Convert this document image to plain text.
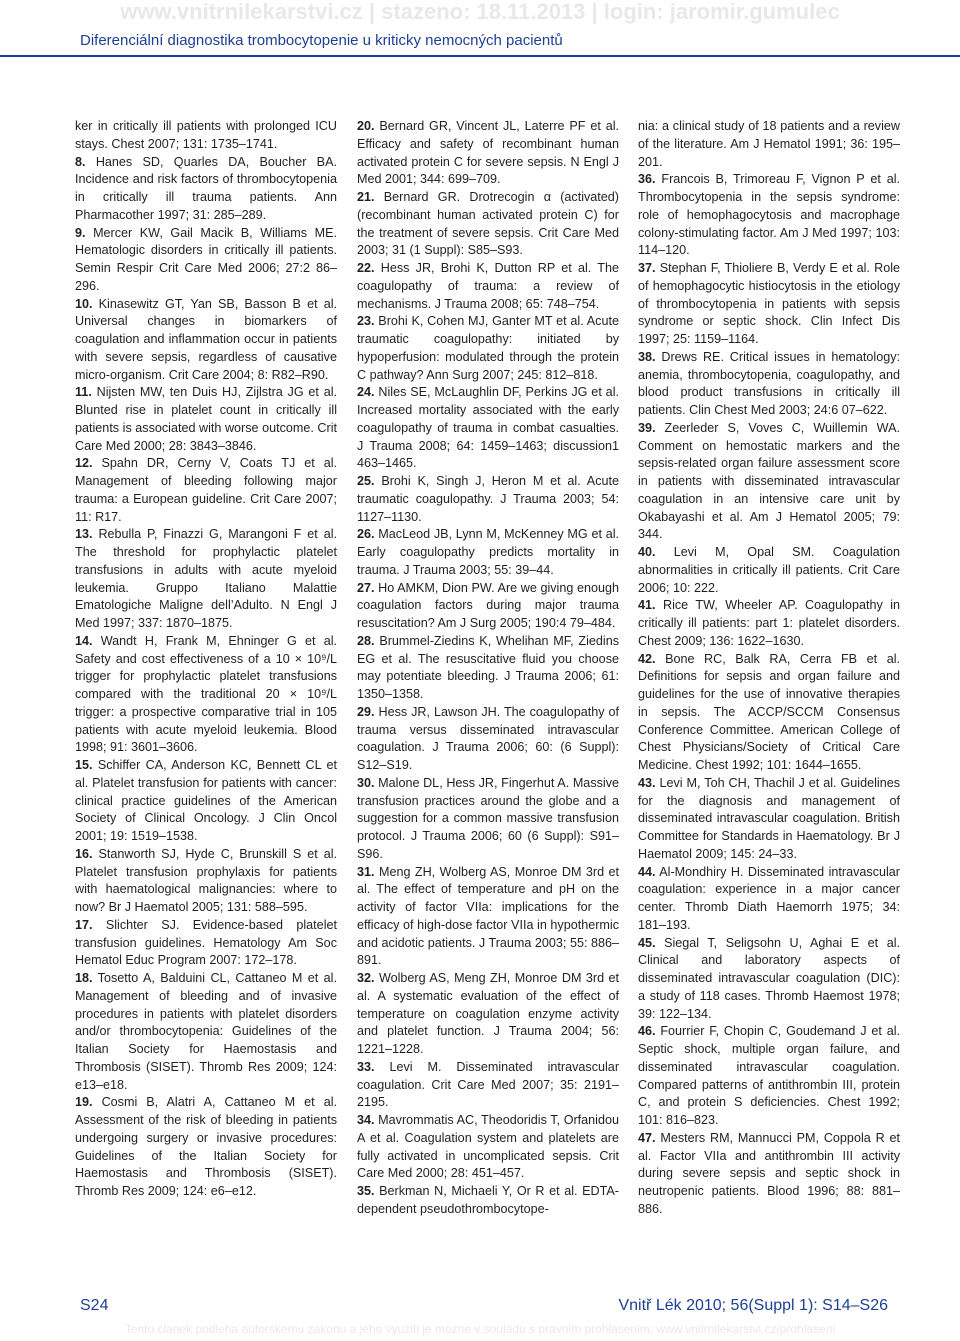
www.vnitrnilekarstvi.cz | stazeno: 18.11.2013 | login: jaromir.gumulec
Diferenciální diagnostika trombocytopenie u kriticky nemocných pacientů

ker in critically ill patients with prolonged ICU stays. Chest 2007; 131: 1735–1741.

8. Hanes SD, Quarles DA, Boucher BA. Incidence and risk factors of thrombocytopenia in critically ill trauma patients. Ann Pharmacother 1997; 31: 285–289.

9. Mercer KW, Gail Macik B, Williams ME. Hematologic disorders in critically ill patients. Semin Respir Crit Care Med 2006; 27:2 86–296.

10. Kinasewitz GT, Yan SB, Basson B et al. Universal changes in biomarkers of coagulation and inflammation occur in patients with severe sepsis, regardless of causative micro-organism. Crit Care 2004; 8: R82–R90.

11. Nijsten MW, ten Duis HJ, Zijlstra JG et al. Blunted rise in platelet count in critically ill patients is associated with worse outcome. Crit Care Med 2000; 28: 3843–3846.

12. Spahn DR, Cerny V, Coats TJ et al. Management of bleeding following major trauma: a European guideline. Crit Care 2007; 11: R17.

13. Rebulla P, Finazzi G, Marangoni F et al. The threshold for prophylactic platelet transfusions in adults with acute myeloid leukemia. Gruppo Italiano Malattie Ematologiche Maligne dell’Adulto. N Engl J Med 1997; 337: 1870–1875.

14. Wandt H, Frank M, Ehninger G et al. Safety and cost effectiveness of a 10 × 10⁹/L trigger for prophylactic platelet transfusions compared with the traditional 20 × 10⁹/L trigger: a prospective comparative trial in 105 patients with acute myeloid leukemia. Blood 1998; 91: 3601–3606.

15. Schiffer CA, Anderson KC, Bennett CL et al. Platelet transfusion for patients with cancer: clinical practice guidelines of the American Society of Clinical Oncology. J Clin Oncol 2001; 19: 1519–1538.

16. Stanworth SJ, Hyde C, Brunskill S et al. Platelet transfusion prophylaxis for patients with haematological malignancies: where to now? Br J Haematol 2005; 131: 588–595.

17. Slichter SJ. Evidence-based platelet transfusion guidelines. Hematology Am Soc Hematol Educ Program 2007: 172–178.

18. Tosetto A, Balduini CL, Cattaneo M et al. Management of bleeding and of invasive procedures in patients with platelet disorders and/or thrombocytopenia: Guidelines of the Italian Society for Haemostasis and Thrombosis (SISET). Thromb Res 2009; 124: e13–e18.

19. Cosmi B, Alatri A, Cattaneo M et al. Assessment of the risk of bleeding in patients undergoing surgery or invasive procedures: Guidelines of the Italian Society for Haemostasis and Thrombosis (SISET). Thromb Res 2009; 124: e6–e12.

20. Bernard GR, Vincent JL, Laterre PF et al. Efficacy and safety of recombinant human activated protein C for severe sepsis. N Engl J Med 2001; 344: 699–709.

21. Bernard GR. Drotrecogin α (activated) (recombinant human activated protein C) for the treatment of severe sepsis. Crit Care Med 2003; 31 (1 Suppl): S85–S93.

22. Hess JR, Brohi K, Dutton RP et al. The coagulopathy of trauma: a review of mechanisms. J Trauma 2008; 65: 748–754.

23. Brohi K, Cohen MJ, Ganter MT et al. Acute traumatic coagulopathy: initiated by hypoperfusion: modulated through the protein C pathway? Ann Surg 2007; 245: 812–818.

24. Niles SE, McLaughlin DF, Perkins JG et al. Increased mortality associated with the early coagulopathy of trauma in combat casualties. J Trauma 2008; 64: 1459–1463; discussion1 463–1465.

25. Brohi K, Singh J, Heron M et al. Acute traumatic coagulopathy. J Trauma 2003; 54: 1127–1130.

26. MacLeod JB, Lynn M, McKenney MG et al. Early coagulopathy predicts mortality in trauma. J Trauma 2003; 55: 39–44.

27. Ho AMKM, Dion PW. Are we giving enough coagulation factors during major trauma resuscitation? Am J Surg 2005; 190:4 79–484.

28. Brummel-Ziedins K, Whelihan MF, Ziedins EG et al. The resuscitative fluid you choose may potentiate bleeding. J Trauma 2006; 61: 1350–1358.

29. Hess JR, Lawson JH. The coagulopathy of trauma versus disseminated intravascular coagulation. J Trauma 2006; 60: (6 Suppl): S12–S19.

30. Malone DL, Hess JR, Fingerhut A. Massive transfusion practices around the globe and a suggestion for a common massive transfusion protocol. J Trauma 2006; 60 (6 Suppl): S91–S96.

31. Meng ZH, Wolberg AS, Monroe DM 3rd et al. The effect of temperature and pH on the activity of factor VIIa: implications for the efficacy of high-dose factor VIIa in hypothermic and acidotic patients. J Trauma 2003; 55: 886–891.

32. Wolberg AS, Meng ZH, Monroe DM 3rd et al. A systematic evaluation of the effect of temperature on coagulation enzyme activity and platelet function. J Trauma 2004; 56: 1221–1228.

33. Levi M. Disseminated intravascular coagulation. Crit Care Med 2007; 35: 2191–2195.

34. Mavrommatis AC, Theodoridis T, Orfanidou A et al. Coagulation system and platelets are fully activated in uncomplicated sepsis. Crit Care Med 2000; 28: 451–457.

35. Berkman N, Michaeli Y, Or R et al. EDTA-dependent pseudothrombocytope-

nia: a clinical study of 18 patients and a review of the literature. Am J Hematol 1991; 36: 195–201.

36. Francois B, Trimoreau F, Vignon P et al. Thrombocytopenia in the sepsis syndrome: role of hemophagocytosis and macrophage colony-stimulating factor. Am J Med 1997; 103: 114–120.

37. Stephan F, Thioliere B, Verdy E et al. Role of hemophagocytic histiocytosis in the etiology of thrombocytopenia in patients with sepsis syndrome or septic shock. Clin Infect Dis 1997; 25: 1159–1164.

38. Drews RE. Critical issues in hematology: anemia, thrombocytopenia, coagulopathy, and blood product transfusions in critically ill patients. Clin Chest Med 2003; 24:6 07–622.

39. Zeerleder S, Voves C, Wuillemin WA. Comment on hemostatic markers and the sepsis-related organ failure assessment score in patients with disseminated intravascular coagulation in an intensive care unit by Okabayashi et al. Am J Hematol 2005; 79: 344.

40. Levi M, Opal SM. Coagulation abnormalities in critically ill patients. Crit Care 2006; 10: 222.

41. Rice TW, Wheeler AP. Coagulopathy in critically ill patients: part 1: platelet disorders. Chest 2009; 136: 1622–1630.

42. Bone RC, Balk RA, Cerra FB et al. Definitions for sepsis and organ failure and guidelines for the use of innovative therapies in sepsis. The ACCP/SCCM Consensus Conference Committee. American College of Chest Physicians/Society of Critical Care Medicine. Chest 1992; 101: 1644–1655.

43. Levi M, Toh CH, Thachil J et al. Guidelines for the diagnosis and management of disseminated intravascular coagulation. British Committee for Standards in Haematology. Br J Haematol 2009; 145: 24–33.

44. Al-Mondhiry H. Disseminated intravascular coagulation: experience in a major cancer center. Thromb Diath Haemorrh 1975; 34: 181–193.

45. Siegal T, Seligsohn U, Aghai E et al. Clinical and laboratory aspects of disseminated intravascular coagulation (DIC): a study of 118 cases. Thromb Haemost 1978; 39: 122–134.

46. Fourrier F, Chopin C, Goudemand J et al. Septic shock, multiple organ failure, and disseminated intravascular coagulation. Compared patterns of antithrombin III, protein C, and protein S deficiencies. Chest 1992; 101: 816–823.

47. Mesters RM, Mannucci PM, Coppola R et al. Factor VIIa and antithrombin III activity during severe sepsis and septic shock in neutropenic patients. Blood 1996; 88: 881–886.

S24	Vnitř Lék 2010; 56(Suppl 1): S14–S26
Tento clanek podleha autorskemu zakonu a jeho vyuziti je mozne v souladu s pravnim prohlasenim: www.vnitrnilekarstvi.cz/prohlaseni
